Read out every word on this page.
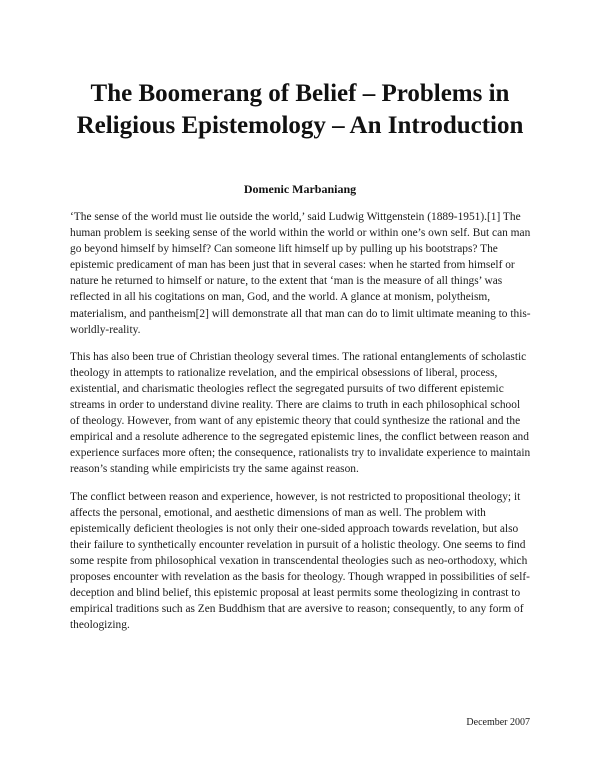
The Boomerang of Belief – Problems in Religious Epistemology – An Introduction

Domenic Marbaniang

‘The sense of the world must lie outside the world,’ said Ludwig Wittgenstein (1889-1951).[1] The human problem is seeking sense of the world within the world or within one’s own self. But can man go beyond himself by himself? Can someone lift himself up by pulling up his bootstraps? The epistemic predicament of man has been just that in several cases: when he started from himself or nature he returned to himself or nature, to the extent that ‘man is the measure of all things’ was reflected in all his cogitations on man, God, and the world. A glance at monism, polytheism, materialism, and pantheism[2] will demonstrate all that man can do to limit ultimate meaning to this-worldly-reality.

This has also been true of Christian theology several times. The rational entanglements of scholastic theology in attempts to rationalize revelation, and the empirical obsessions of liberal, process, existential, and charismatic theologies reflect the segregated pursuits of two different epistemic streams in order to understand divine reality. There are claims to truth in each philosophical school of theology. However, from want of any epistemic theory that could synthesize the rational and the empirical and a resolute adherence to the segregated epistemic lines, the conflict between reason and experience surfaces more often; the consequence, rationalists try to invalidate experience to maintain reason’s standing while empiricists try the same against reason.

The conflict between reason and experience, however, is not restricted to propositional theology; it affects the personal, emotional, and aesthetic dimensions of man as well. The problem with epistemically deficient theologies is not only their one-sided approach towards revelation, but also their failure to synthetically encounter revelation in pursuit of a holistic theology. One seems to find some respite from philosophical vexation in transcendental theologies such as neo-orthodoxy, which proposes encounter with revelation as the basis for theology. Though wrapped in possibilities of self-deception and blind belief, this epistemic proposal at least permits some theologizing in contrast to empirical traditions such as Zen Buddhism that are aversive to reason; consequently, to any form of theologizing.

December 2007
